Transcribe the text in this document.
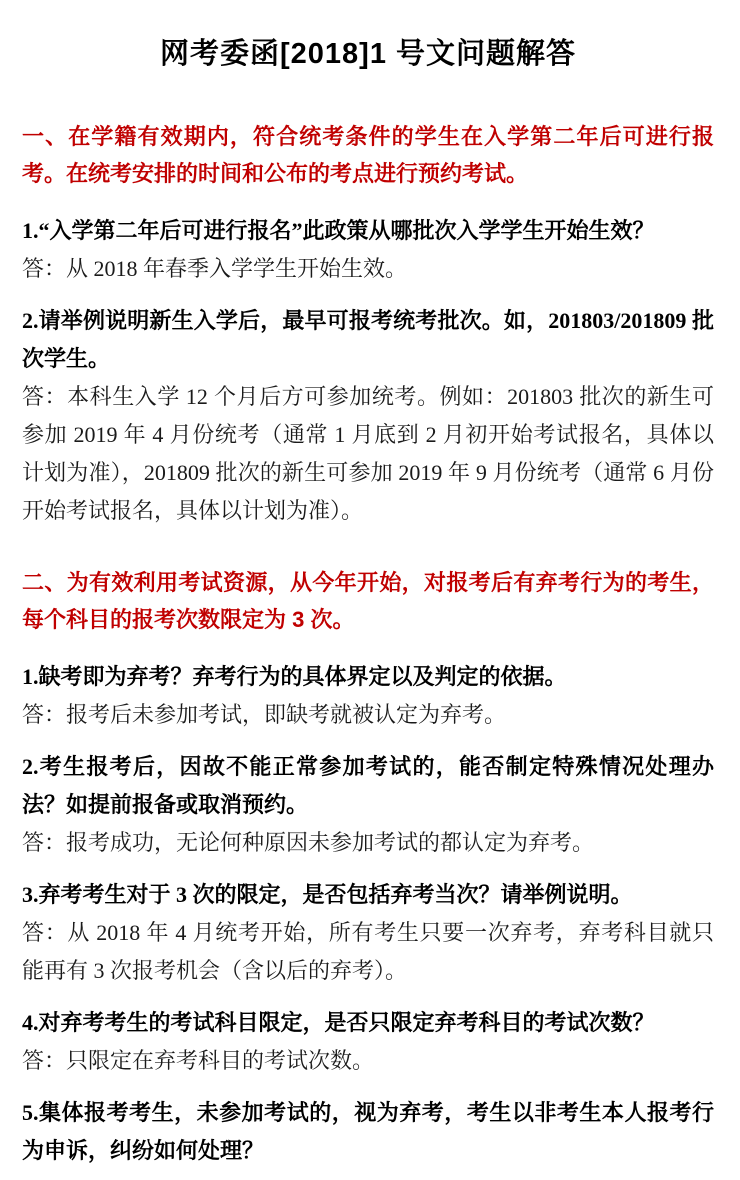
网考委函[2018]1 号文问题解答

一、在学籍有效期内，符合统考条件的学生在入学第二年后可进行报考。在统考安排的时间和公布的考点进行预约考试。

1.“入学第二年后可进行报名”此政策从哪批次入学学生开始生效？

答：从 2018 年春季入学学生开始生效。

2.请举例说明新生入学后，最早可报考统考批次。如，201803/201809 批次学生。

答：本科生入学 12 个月后方可参加统考。例如：201803 批次的新生可参加 2019 年 4 月份统考（通常 1 月底到 2 月初开始考试报名，具体以计划为准），201809 批次的新生可参加 2019 年 9 月份统考（通常 6 月份开始考试报名，具体以计划为准）。

二、为有效利用考试资源，从今年开始，对报考后有弃考行为的考生，每个科目的报考次数限定为 3 次。

1.缺考即为弃考？弃考行为的具体界定以及判定的依据。

答：报考后未参加考试，即缺考就被认定为弃考。

2.考生报考后，因故不能正常参加考试的，能否制定特殊情况处理办法？如提前报备或取消预约。

答：报考成功，无论何种原因未参加考试的都认定为弃考。

3.弃考考生对于 3 次的限定，是否包括弃考当次？请举例说明。

答：从 2018 年 4 月统考开始，所有考生只要一次弃考，弃考科目就只能再有 3 次报考机会（含以后的弃考）。

4.对弃考考生的考试科目限定，是否只限定弃考科目的考试次数？

答：只限定在弃考科目的考试次数。

5.集体报考考生，未参加考试的，视为弃考，考生以非考生本人报考行为申诉，纠纷如何处理？
